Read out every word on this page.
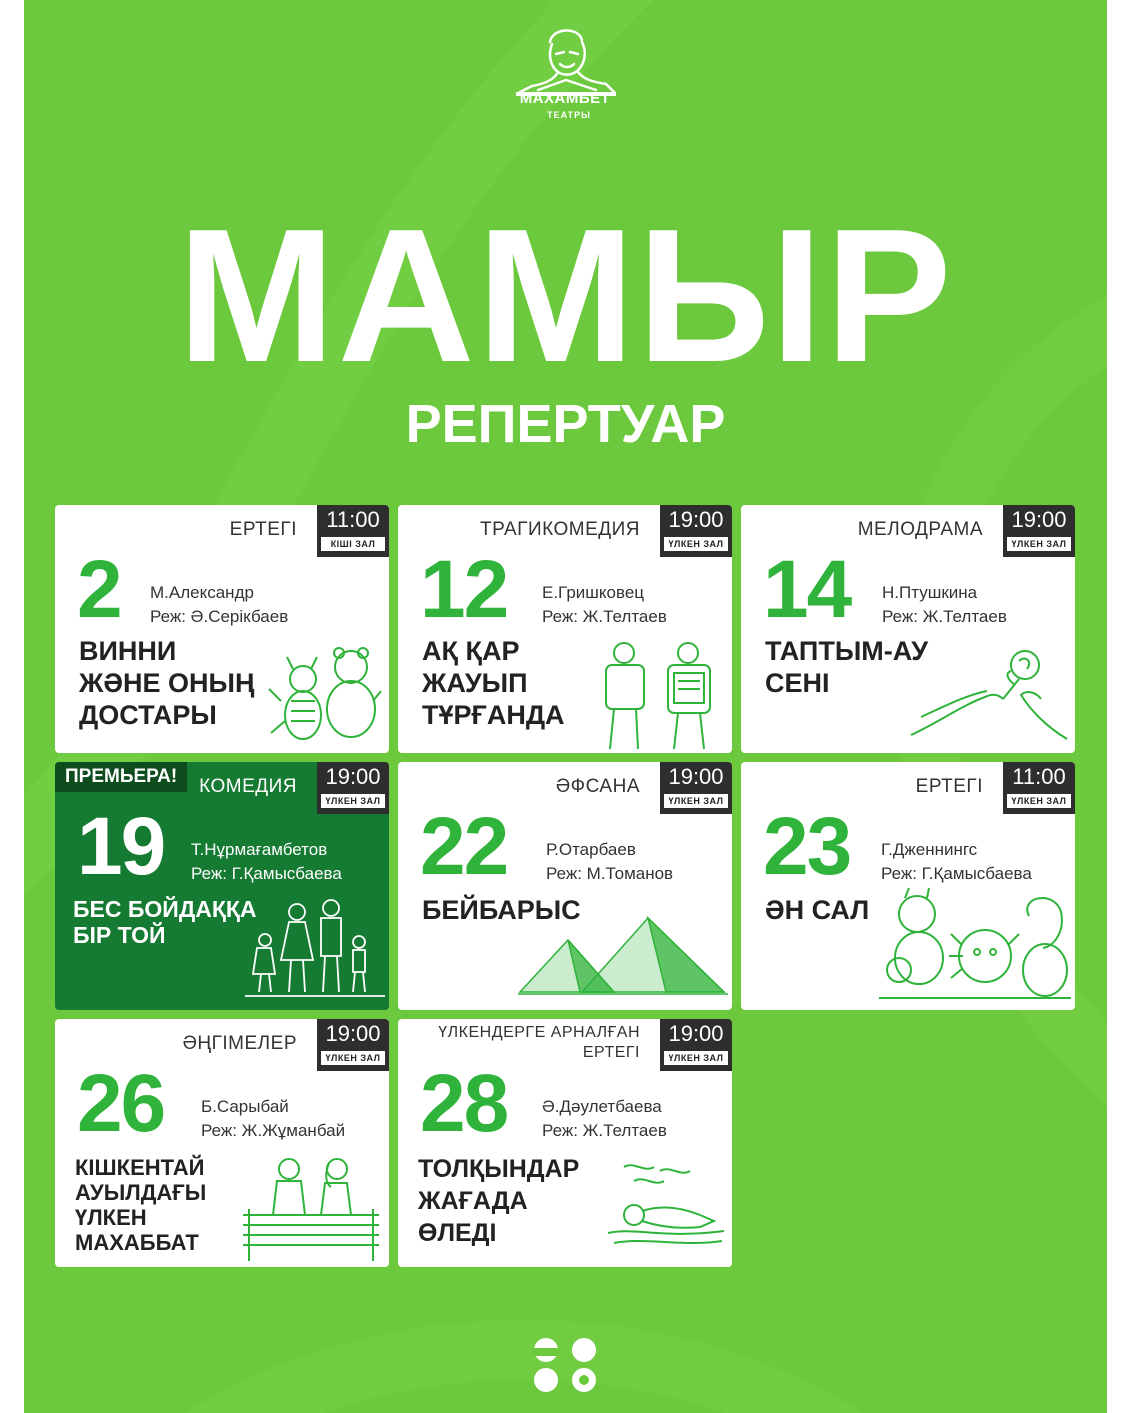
МАХАМБЕТ
ТЕАТРЫ
МАМЫР
РЕПЕРТУАР
ЕРТЕГІ	11:00
КІШІ ЗАЛ
2 М.Александр
Реж: Ә.Серікбаев
ВИННИ
ЖӘНЕ ОНЫҢ
ДОСТАРЫ
ТРАГИКОМЕДИЯ	19:00
ҮЛКЕН ЗАЛ
12 Е.Гришковец
Реж: Ж.Телтаев
АҚ ҚАР
ЖАУЫП
ТҰРҒАНДА
МЕЛОДРАМА	19:00
ҮЛКЕН ЗАЛ
14 Н.Птушкина
Реж: Ж.Телтаев
ТАПТЫМ-АУ
СЕНІ
ПРЕМЬЕРА!	КОМЕДИЯ	19:00
ҮЛКЕН ЗАЛ
19 Т.Нұрмағамбетов
Реж: Г.Қамысбаева
БЕС БОЙДАҚҚА
БІР ТОЙ
ӘФСАНА	19:00
ҮЛКЕН ЗАЛ
22 Р.Отарбаев
Реж: М.Томанов
БЕЙБАРЫС
ЕРТЕГІ	11:00
ҮЛКЕН ЗАЛ
23 Г.Дженнингс
Реж: Г.Қамысбаева
ӘН САЛ
ӘҢГІМЕЛЕР	19:00
ҮЛКЕН ЗАЛ
26 Б.Сарыбай
Реж: Ж.Жұманбай
КІШКЕНТАЙ
АУЫЛДАҒЫ
ҮЛКЕН
МАХАББАТ
ҮЛКЕНДЕРГЕ АРНАЛҒАН
ЕРТЕГІ
19:00
ҮЛКЕН ЗАЛ
28 Ә.Дәулетбаева
Реж: Ж.Телтаев
ТОЛҚЫНДАР
ЖАҒАДА
ӨЛЕДІ
